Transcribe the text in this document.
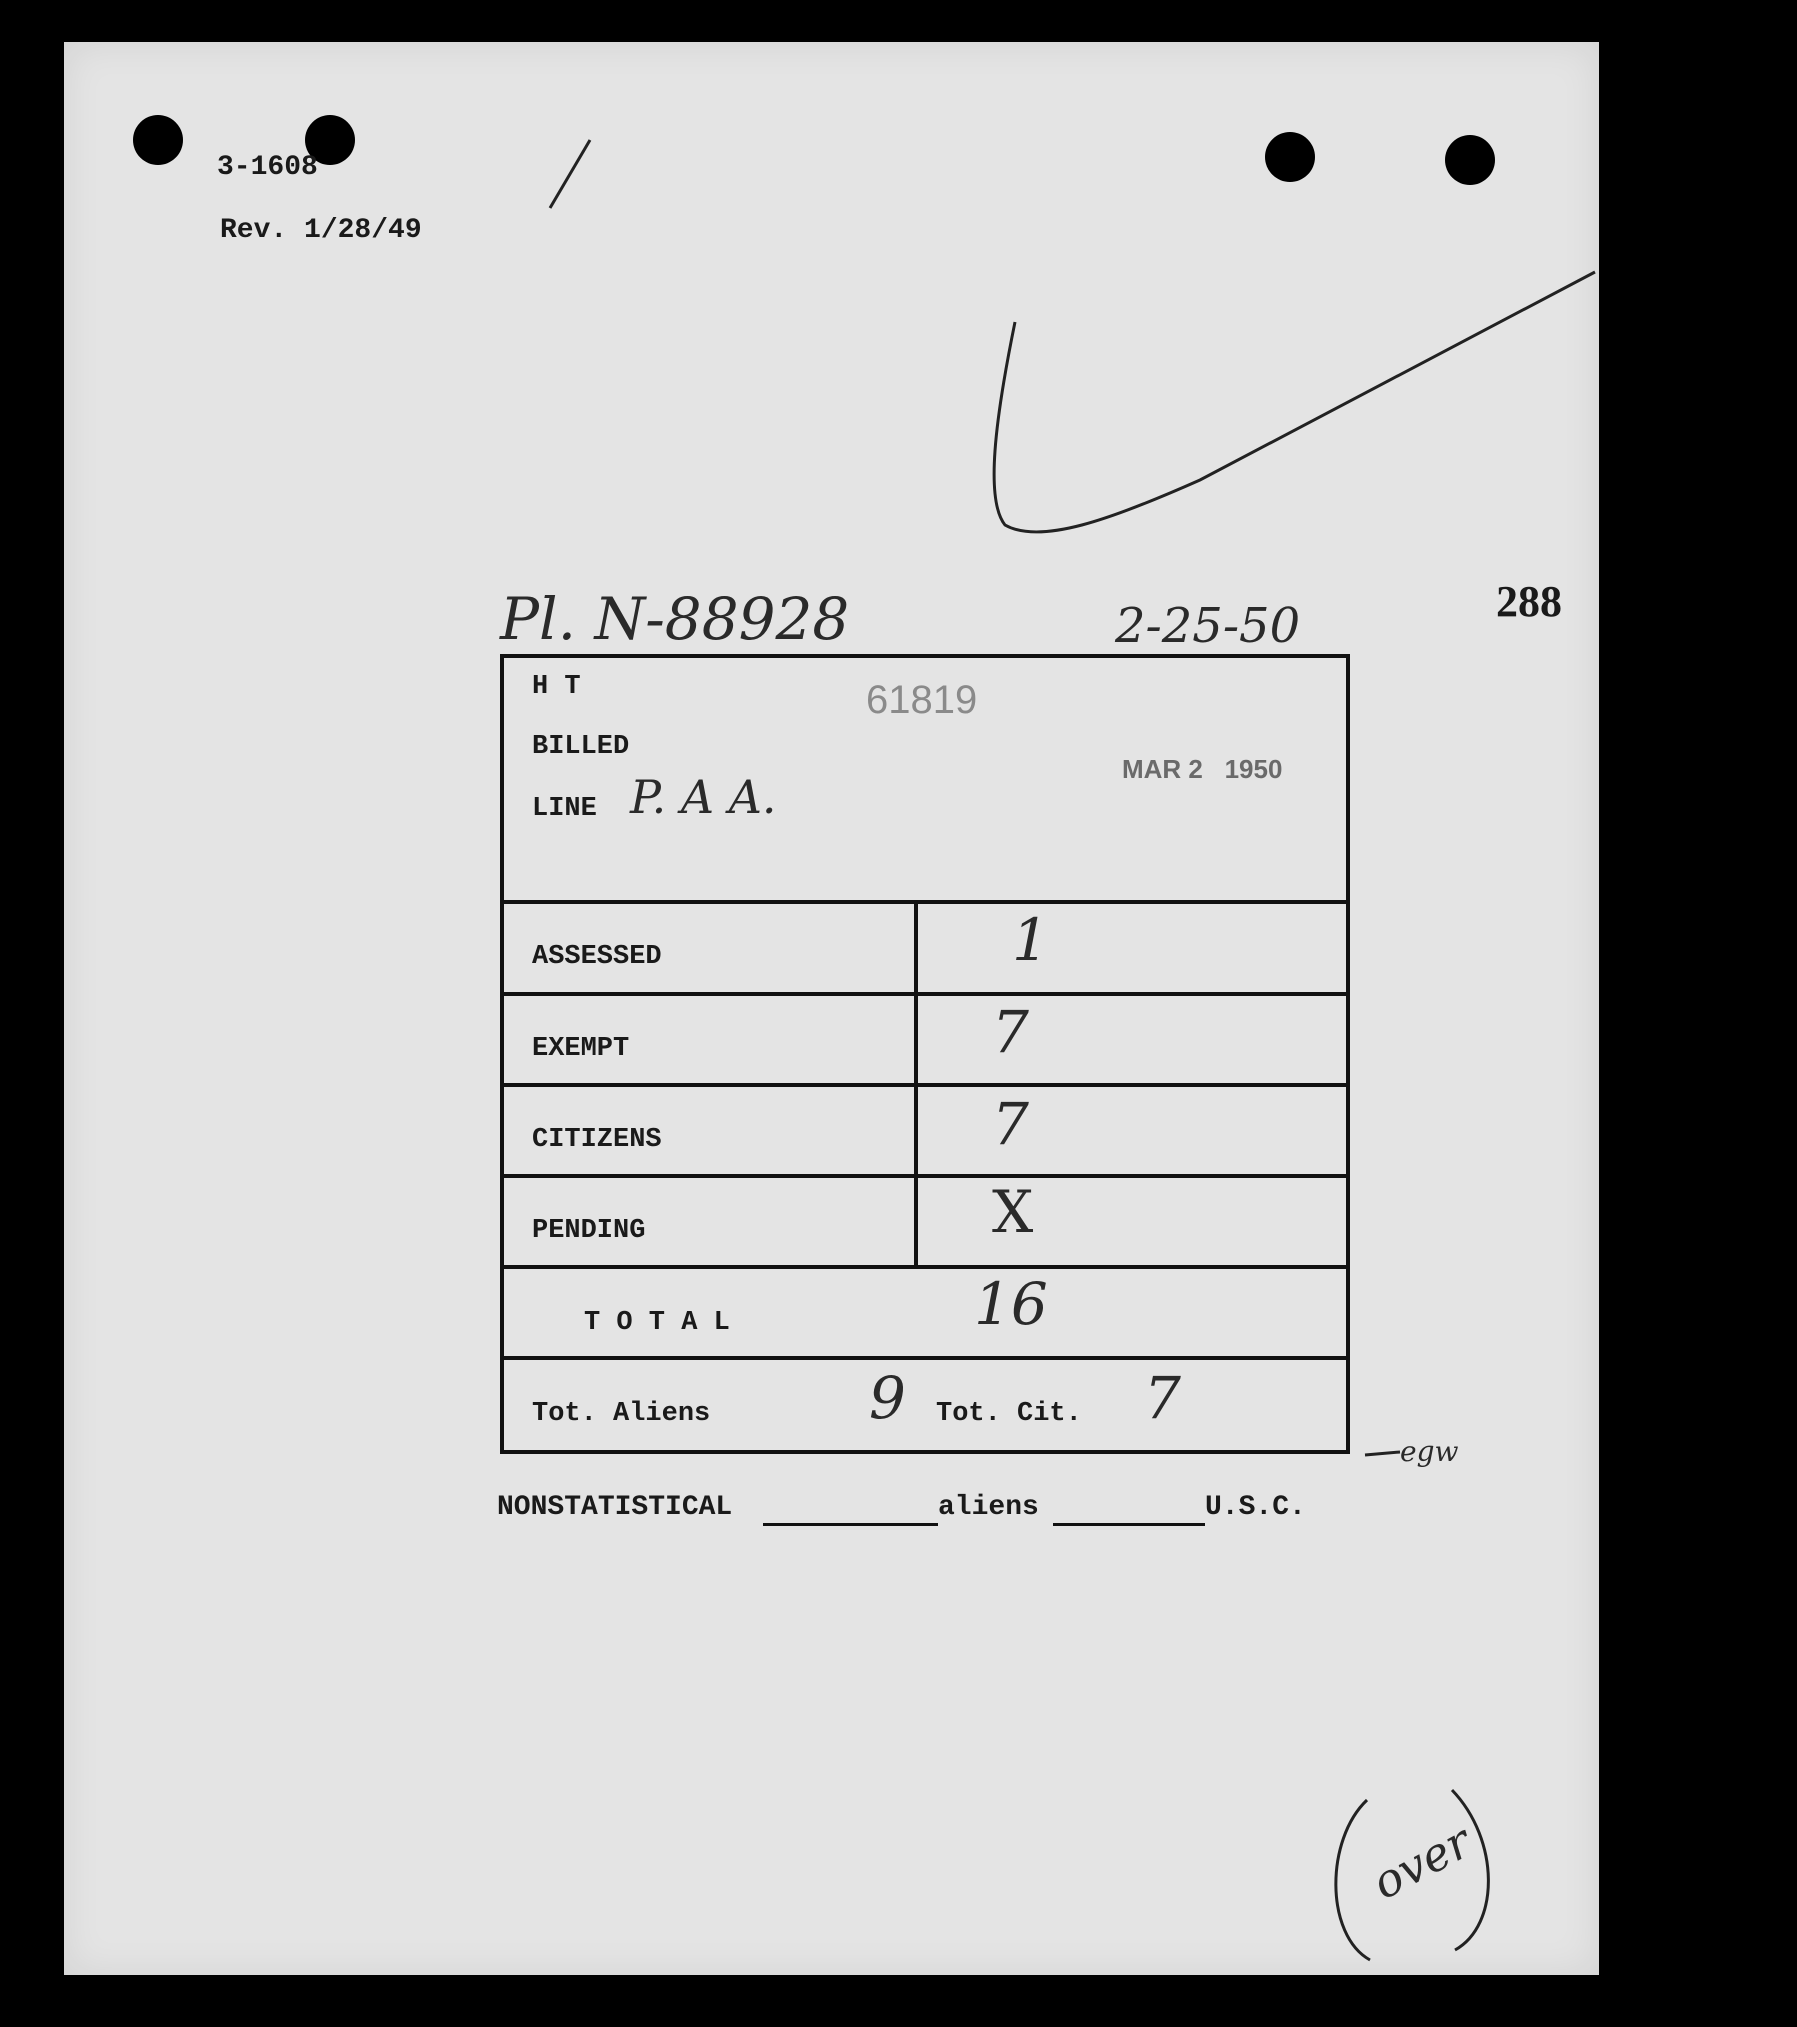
3-1608
Rev. 1/28/49
288
Pl. N-88928	2-25-50
egw
over
H T	61819
BILLED
LINE P. A A.
MAR 2   1950
ASSESSED	1
EXEMPT	7
CITIZENS	7
PENDING	X
T O T A L	16
Tot. Aliens	9 Tot. Cit. 7
NONSTATISTICAL	aliens	U.S.C.
